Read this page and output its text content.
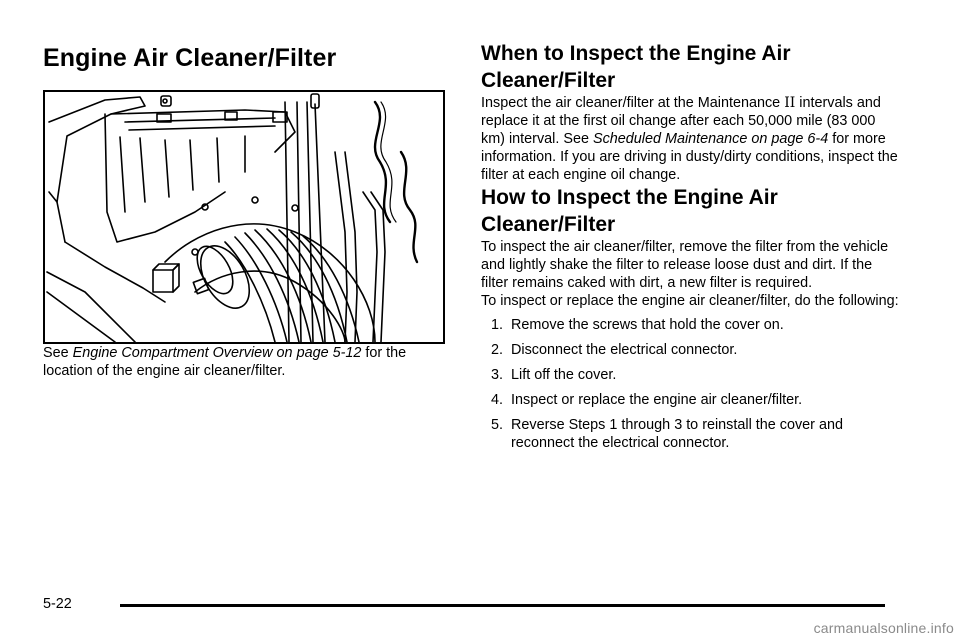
Engine Air Cleaner/Filter

See Engine Compartment Overview on page 5-12 for the location of the engine air cleaner/filter.

When to Inspect the Engine Air Cleaner/Filter

Inspect the air cleaner/filter at the Maintenance II intervals and replace it at the first oil change after each 50,000 mile (83 000 km) interval. See Scheduled Maintenance on page 6-4 for more information. If you are driving in dusty/dirty conditions, inspect the filter at each engine oil change.

How to Inspect the Engine Air Cleaner/Filter

To inspect the air cleaner/filter, remove the filter from the vehicle and lightly shake the filter to release loose dust and dirt. If the filter remains caked with dirt, a new filter is required.

To inspect or replace the engine air cleaner/filter, do the following:

1. Remove the screws that hold the cover on.
2. Disconnect the electrical connector.
3. Lift off the cover.
4. Inspect or replace the engine air cleaner/filter.
5. Reverse Steps 1 through 3 to reinstall the cover and reconnect the electrical connector.
5-22
carmanualsonline.info
